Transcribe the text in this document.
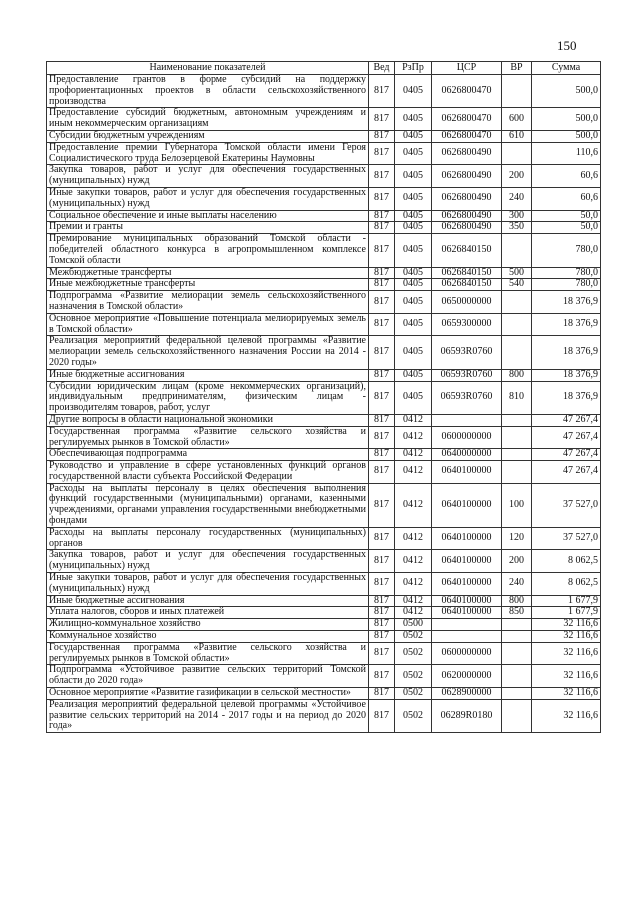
150
Наименование показателей	Вед	РзПр	ЦСР	ВР	Сумма
Предоставление грантов в форме субсидий на поддержку профориентационных проектов в области сельскохозяйственного производства	817	0405	0626800470		500,0
Предоставление субсидий бюджетным, автономным учреждениям и иным некоммерческим организациям	817	0405	0626800470	600	500,0
Субсидии бюджетным учреждениям	817	0405	0626800470	610	500,0
Предоставление премии Губернатора Томской области имени Героя Социалистического труда Белозерцевой Екатерины Наумовны	817	0405	0626800490		110,6
Закупка товаров, работ и услуг для обеспечения государственных (муниципальных) нужд	817	0405	0626800490	200	60,6
Иные закупки товаров, работ и услуг для обеспечения государственных (муниципальных) нужд	817	0405	0626800490	240	60,6
Социальное обеспечение и иные выплаты населению	817	0405	0626800490	300	50,0
Премии и гранты	817	0405	0626800490	350	50,0
Премирование муниципальных образований Томской области - победителей областного конкурса в агропромышленном комплексе Томской области	817	0405	0626840150		780,0
Межбюджетные трансферты	817	0405	0626840150	500	780,0
Иные межбюджетные трансферты	817	0405	0626840150	540	780,0
Подпрограмма «Развитие мелиорации земель сельскохозяйственного назначения в Томской области»	817	0405	0650000000		18 376,9
Основное мероприятие «Повышение потенциала мелиорируемых земель в Томской области»	817	0405	0659300000		18 376,9
Реализация мероприятий федеральной целевой программы «Развитие мелиорации земель сельскохозяйственного назначения России на 2014 - 2020 годы»	817	0405	06593R0760		18 376,9
Иные бюджетные ассигнования	817	0405	06593R0760	800	18 376,9
Субсидии юридическим лицам (кроме некоммерческих организаций), индивидуальным предпринимателям, физическим лицам - производителям товаров, работ, услуг	817	0405	06593R0760	810	18 376,9
Другие вопросы в области национальной экономики	817	0412			47 267,4
Государственная программа «Развитие сельского хозяйства и регулируемых рынков в Томской области»	817	0412	0600000000		47 267,4
Обеспечивающая подпрограмма	817	0412	0640000000		47 267,4
Руководство и управление в сфере установленных функций органов государственной власти субъекта Российской Федерации	817	0412	0640100000		47 267,4
Расходы на выплаты персоналу в целях обеспечения выполнения функций государственными (муниципальными) органами, казенными учреждениями, органами управления государственными внебюджетными фондами	817	0412	0640100000	100	37 527,0
Расходы на выплаты персоналу государственных (муниципальных) органов	817	0412	0640100000	120	37 527,0
Закупка товаров, работ и услуг для обеспечения государственных (муниципальных) нужд	817	0412	0640100000	200	8 062,5
Иные закупки товаров, работ и услуг для обеспечения государственных (муниципальных) нужд	817	0412	0640100000	240	8 062,5
Иные бюджетные ассигнования	817	0412	0640100000	800	1 677,9
Уплата налогов, сборов и иных платежей	817	0412	0640100000	850	1 677,9
Жилищно-коммунальное хозяйство	817	0500			32 116,6
Коммунальное хозяйство	817	0502			32 116,6
Государственная программа «Развитие сельского хозяйства и регулируемых рынков в Томской области»	817	0502	0600000000		32 116,6
Подпрограмма «Устойчивое развитие сельских территорий Томской области до 2020 года»	817	0502	0620000000		32 116,6
Основное мероприятие «Развитие газификации в сельской местности»	817	0502	0628900000		32 116,6
Реализация мероприятий федеральной целевой программы «Устойчивое развитие сельских территорий на 2014 - 2017 годы и на период до 2020 года»	817	0502	06289R0180		32 116,6
